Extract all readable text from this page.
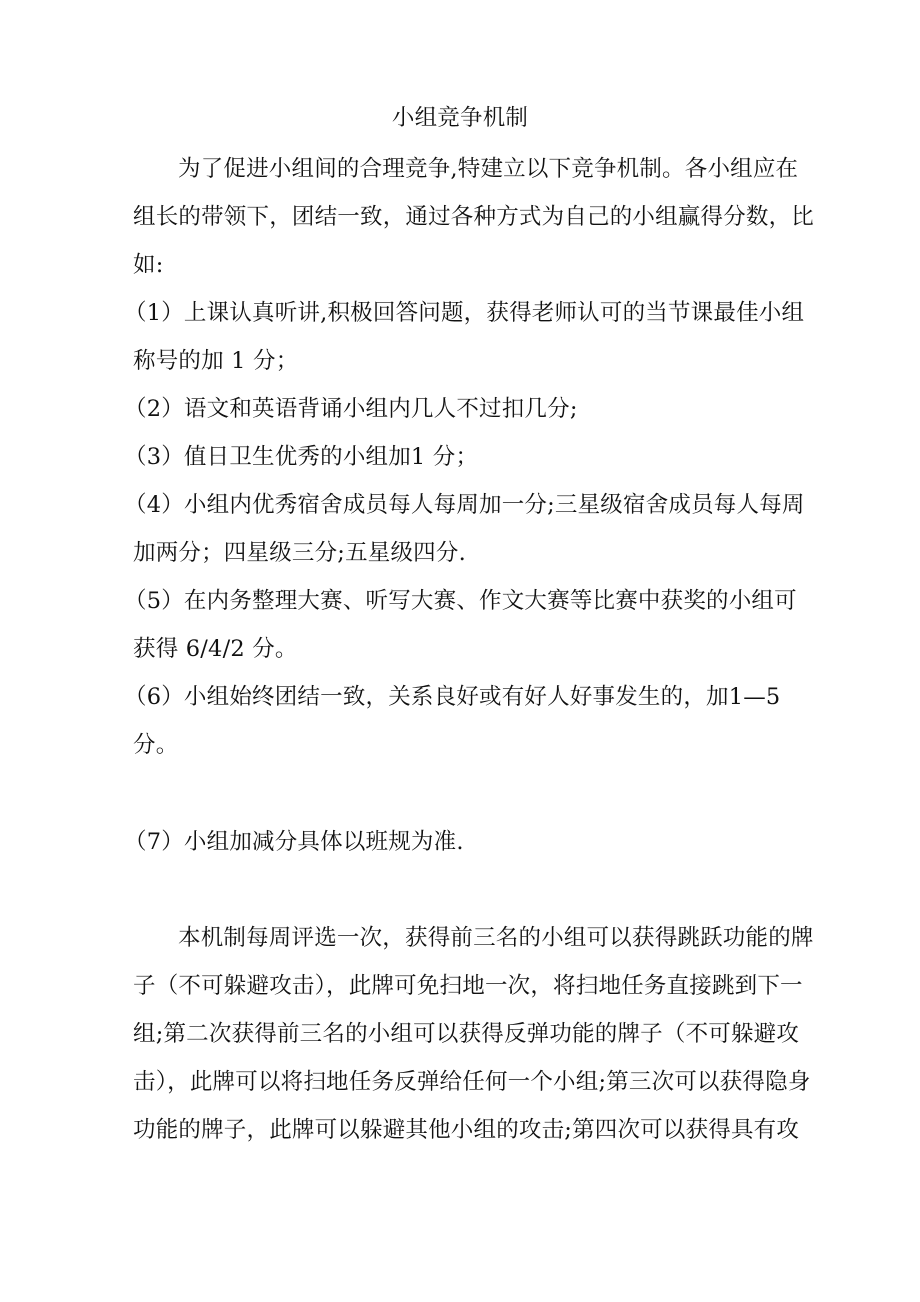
小组竞争机制
为了促进小组间的合理竞争,特建立以下竞争机制。各小组应在
组长的带领下，团结一致，通过各种方式为自己的小组赢得分数，比
如:
（1）上课认真听讲,积极回答问题，获得老师认可的当节课最佳小组
称号的加 1 分；
（2）语文和英语背诵小组内几人不过扣几分;
（3）值日卫生优秀的小组加1 分；
（4）小组内优秀宿舍成员每人每周加一分;三星级宿舍成员每人每周
加两分；四星级三分;五星级四分.
（5）在内务整理大赛、听写大赛、作文大赛等比赛中获奖的小组可
获得 6/4/2 分。
（6）小组始终团结一致，关系良好或有好人好事发生的，加1—5
分。
（7）小组加减分具体以班规为准.
本机制每周评选一次，获得前三名的小组可以获得跳跃功能的牌
子（不可躲避攻击），此牌可免扫地一次，将扫地任务直接跳到下一
组;第二次获得前三名的小组可以获得反弹功能的牌子（不可躲避攻
击），此牌可以将扫地任务反弹给任何一个小组;第三次可以获得隐身
功能的牌子，此牌可以躲避其他小组的攻击;第四次可以获得具有攻
